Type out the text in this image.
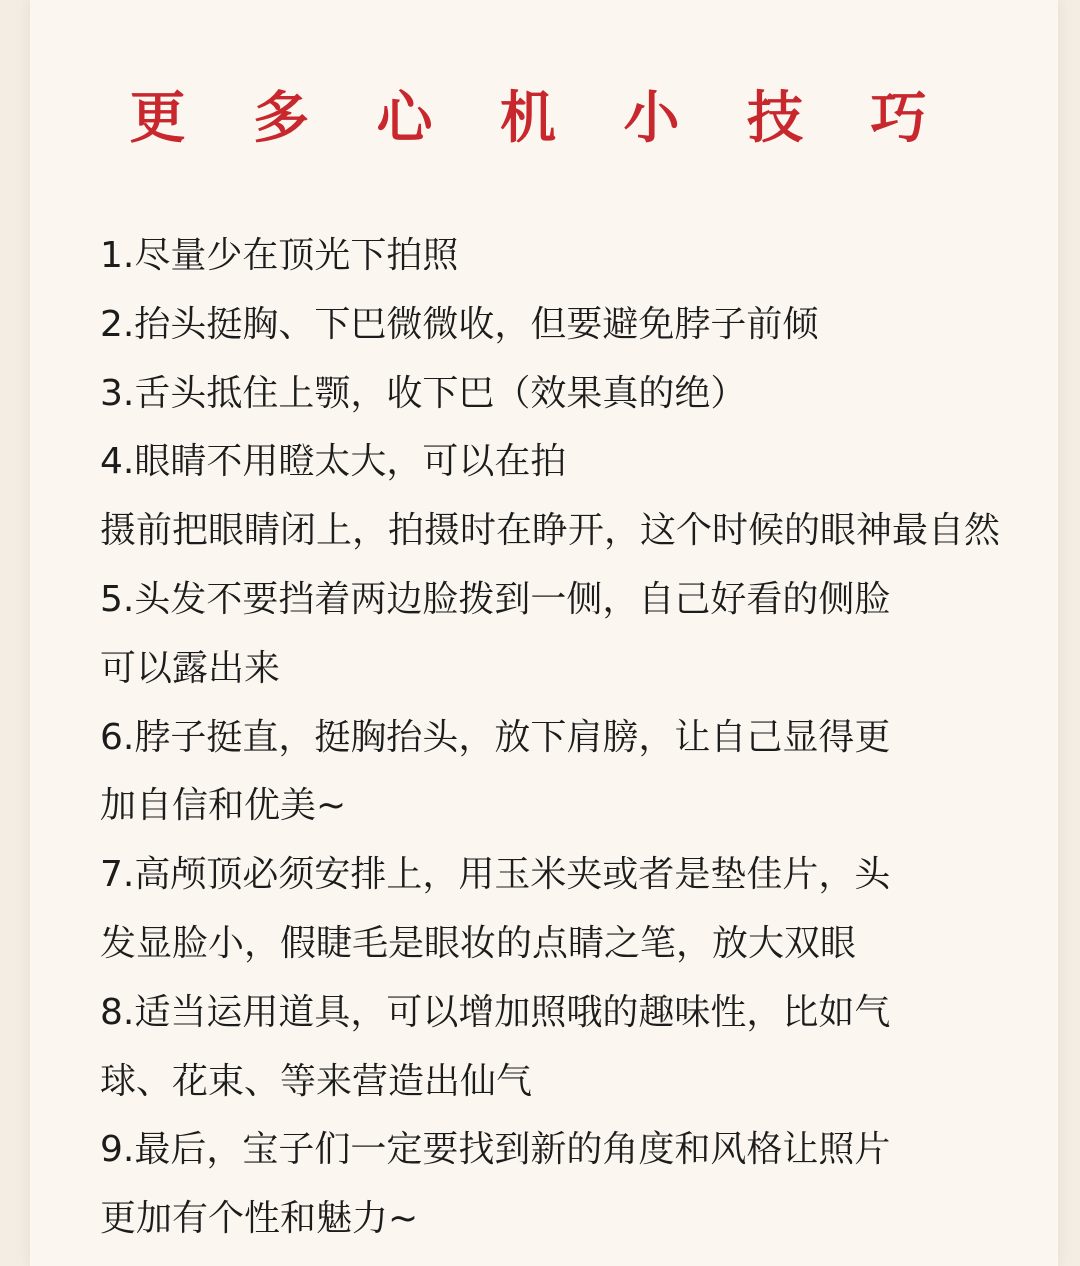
更 多 心 机 小 技 巧
1.尽量少在顶光下拍照
2.抬头挺胸、下巴微微收，但要避免脖子前倾
3.舌头抵住上颚，收下巴（效果真的绝）
4.眼睛不用瞪太大，可以在拍
摄前把眼睛闭上，拍摄时在睁开，这个时候的眼神最自然
5.头发不要挡着两边脸拨到一侧，自己好看的侧脸
可以露出来
6.脖子挺直，挺胸抬头，放下肩膀，让自己显得更
加自信和优美~
7.高颅顶必须安排上，用玉米夹或者是垫佳片，头
发显脸小，假睫毛是眼妆的点睛之笔，放大双眼
8.适当运用道具，可以增加照哦的趣味性，比如气
球、花束、等来营造出仙气
9.最后，宝子们一定要找到新的角度和风格让照片
更加有个性和魅力~
